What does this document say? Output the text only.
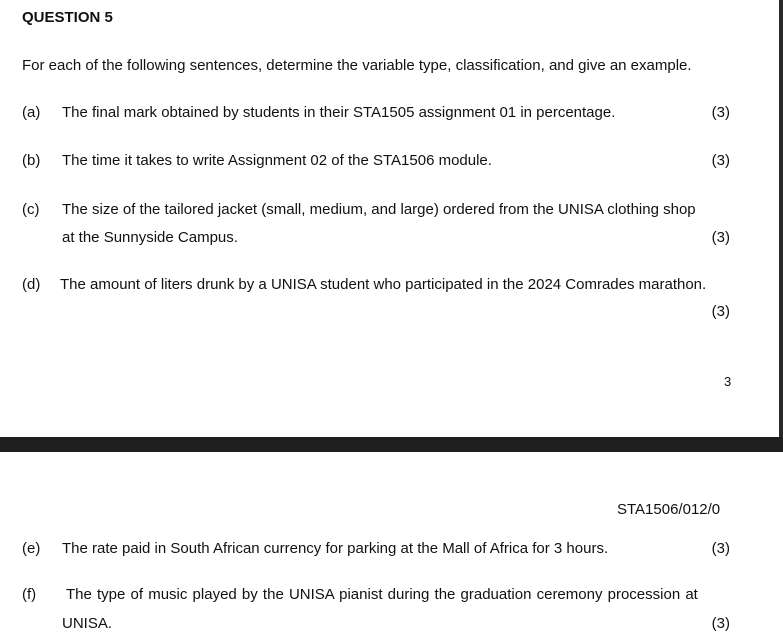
QUESTION 5
For each of the following sentences, determine the variable type, classification, and give an example.
(a) The final mark obtained by students in their STA1505 assignment 01 in percentage.	(3)
(b) The time it takes to write Assignment 02 of the STA1506 module.	(3)
(c) The size of the tailored jacket (small, medium, and large) ordered from the UNISA clothing shop
at the Sunnyside Campus.	(3)
(d) The amount of liters drunk by a UNISA student who participated in the 2024 Comrades marathon.
(3)
3
STA1506/012/0
(e) The rate paid in South African currency for parking at the Mall of Africa for 3 hours.	(3)
(f) The type of music played by the UNISA pianist during the graduation ceremony procession at
UNISA.	(3)
